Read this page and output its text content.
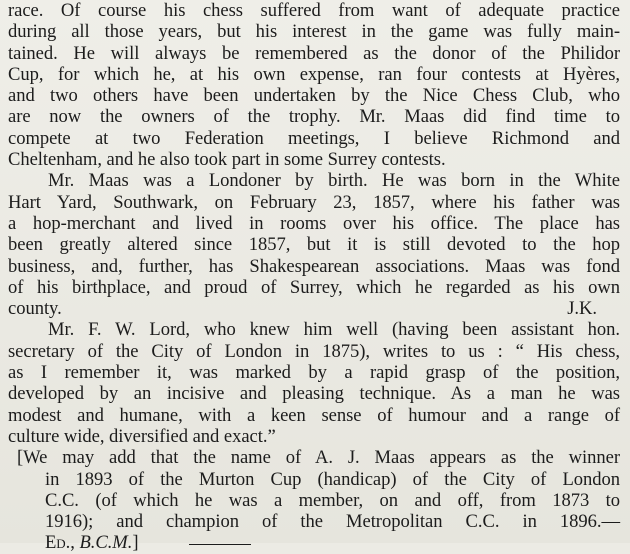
race. Of course his chess suffered from want of adequate practice
during all those years, but his interest in the game was fully main-
tained. He will always be remembered as the donor of the Philidor
Cup, for which he, at his own expense, ran four contests at Hyères,
and two others have been undertaken by the Nice Chess Club, who
are now the owners of the trophy. Mr. Maas did find time to
compete at two Federation meetings, I believe Richmond and
Cheltenham, and he also took part in some Surrey contests.
Mr. Maas was a Londoner by birth. He was born in the White
Hart Yard, Southwark, on February 23, 1857, where his father was
a hop-merchant and lived in rooms over his office. The place has
been greatly altered since 1857, but it is still devoted to the hop
business, and, further, has Shakespearean associations. Maas was fond
of his birthplace, and proud of Surrey, which he regarded as his own
county.	J.K.
Mr. F. W. Lord, who knew him well (having been assistant hon.
secretary of the City of London in 1875), writes to us : “ His chess,
as I remember it, was marked by a rapid grasp of the position,
developed by an incisive and pleasing technique. As a man he was
modest and humane, with a keen sense of humour and a range of
culture wide, diversified and exact.”
[We may add that the name of A. J. Maas appears as the winner
in 1893 of the Murton Cup (handicap) of the City of London
C.C. (of which he was a member, on and off, from 1873 to
1916); and champion of the Metropolitan C.C. in 1896.—
Ed., B.C.M.]
